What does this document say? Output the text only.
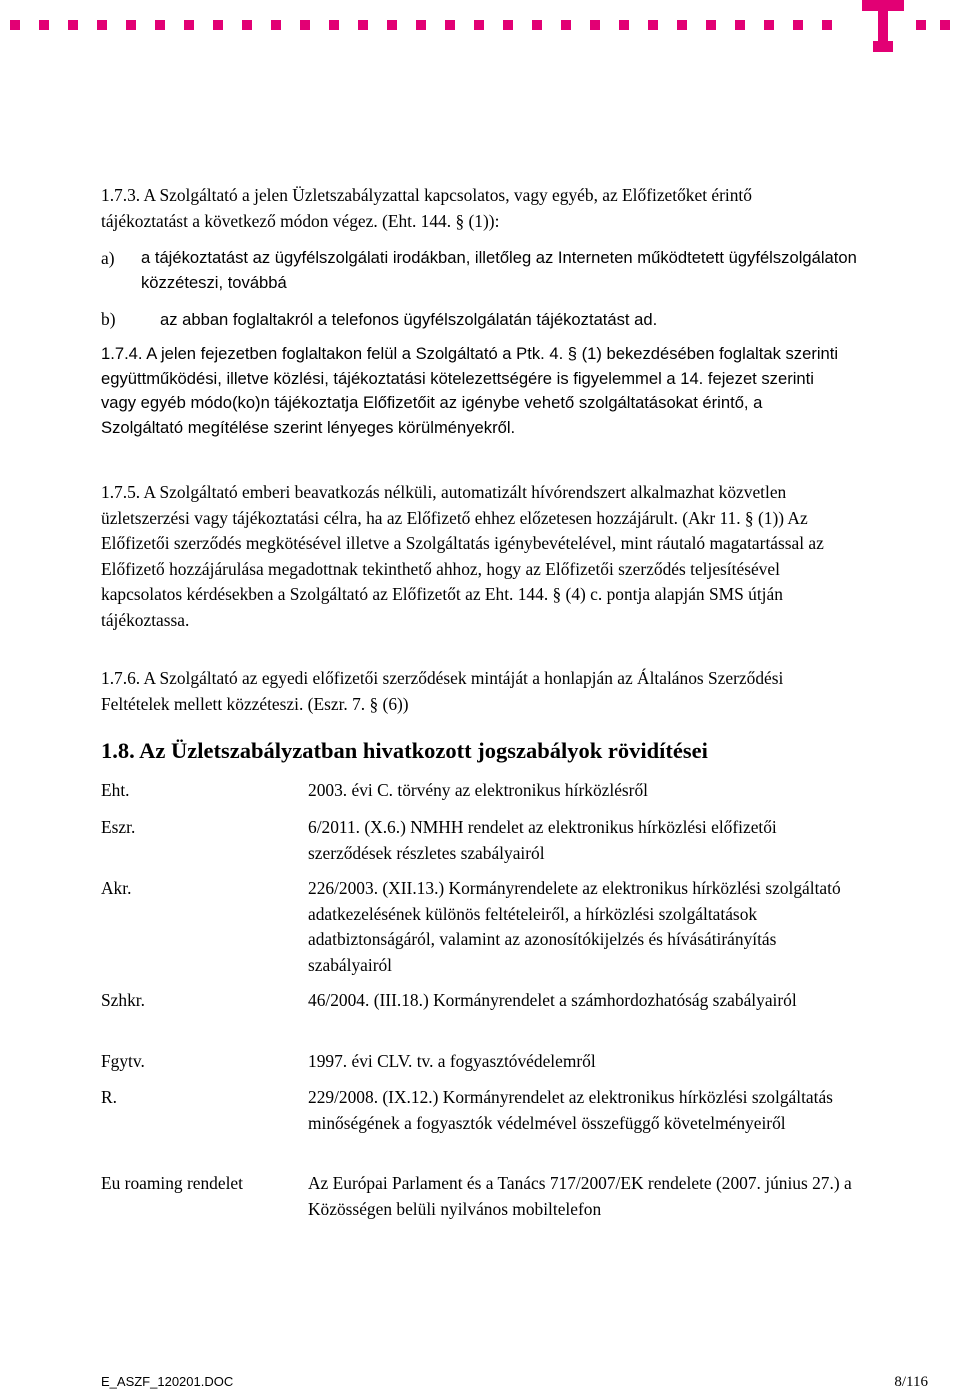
1.7.3. A Szolgáltató a jelen Üzletszabályzattal kapcsolatos, vagy egyéb, az Előfizetőket érintő tájékoztatást a következő módon végez. (Eht. 144. § (1)):

a) a tájékoztatást az ügyfélszolgálati irodákban, illetőleg az Interneten működtetett ügyfélszolgálaton közzéteszi, továbbá

b)	az abban foglaltakról a telefonos ügyfélszolgálatán tájékoztatást ad.

1.7.4. A jelen fejezetben foglaltakon felül a Szolgáltató a Ptk. 4. § (1) bekezdésében foglaltak szerinti együttműködési, illetve közlési, tájékoztatási kötelezettségére is figyelemmel a 14. fejezet szerinti vagy egyéb módo(ko)n tájékoztatja Előfizetőit az igénybe vehető szolgáltatásokat érintő, a Szolgáltató megítélése szerint lényeges körülményekről.

1.7.5. A Szolgáltató emberi beavatkozás nélküli, automatizált hívórendszert alkalmazhat közvetlen üzletszerzési vagy tájékoztatási célra, ha az Előfizető ehhez előzetesen hozzájárult. (Akr 11. § (1)) Az Előfizetői szerződés megkötésével illetve a Szolgáltatás igénybevételével, mint ráutaló magatartással az Előfizető hozzájárulása megadottnak tekinthető ahhoz, hogy az Előfizetői szerződés teljesítésével kapcsolatos kérdésekben a Szolgáltató az Előfizetőt az Eht. 144. § (4) c. pontja alapján SMS útján tájékoztassa.

1.7.6. A Szolgáltató az egyedi előfizetői szerződések mintáját a honlapján az Általános Szerződési Feltételek mellett közzéteszi. (Eszr. 7. § (6))

1.8. Az Üzletszabályzatban hivatkozott jogszabályok rövidítései
Eht.	2003. évi C. törvény az elektronikus hírközlésről
Eszr.	6/2011. (X.6.) NMHH rendelet az elektronikus hírközlési előfizetői szerződések részletes szabályairól
Akr.	226/2003. (XII.13.) Kormányrendelete az elektronikus hírközlési szolgáltató adatkezelésének különös feltételeiről, a hírközlési szolgáltatások adatbiztonságáról, valamint az azonosítókijelzés és hívásátirányítás szabályairól
Szhkr.	46/2004. (III.18.) Kormányrendelet a számhordozhatóság szabályairól
Fgytv.	1997. évi CLV. tv. a fogyasztóvédelemről
R.	229/2008. (IX.12.) Kormányrendelet az elektronikus hírközlési szolgáltatás minőségének a fogyasztók védelmével összefüggő követelményeiről
Eu roaming rendelet	Az Európai Parlament és a Tanács 717/2007/EK rendelete (2007. június 27.) a Közösségen belüli nyilvános mobiltelefon
E_ASZF_120201.DOC	8/116
